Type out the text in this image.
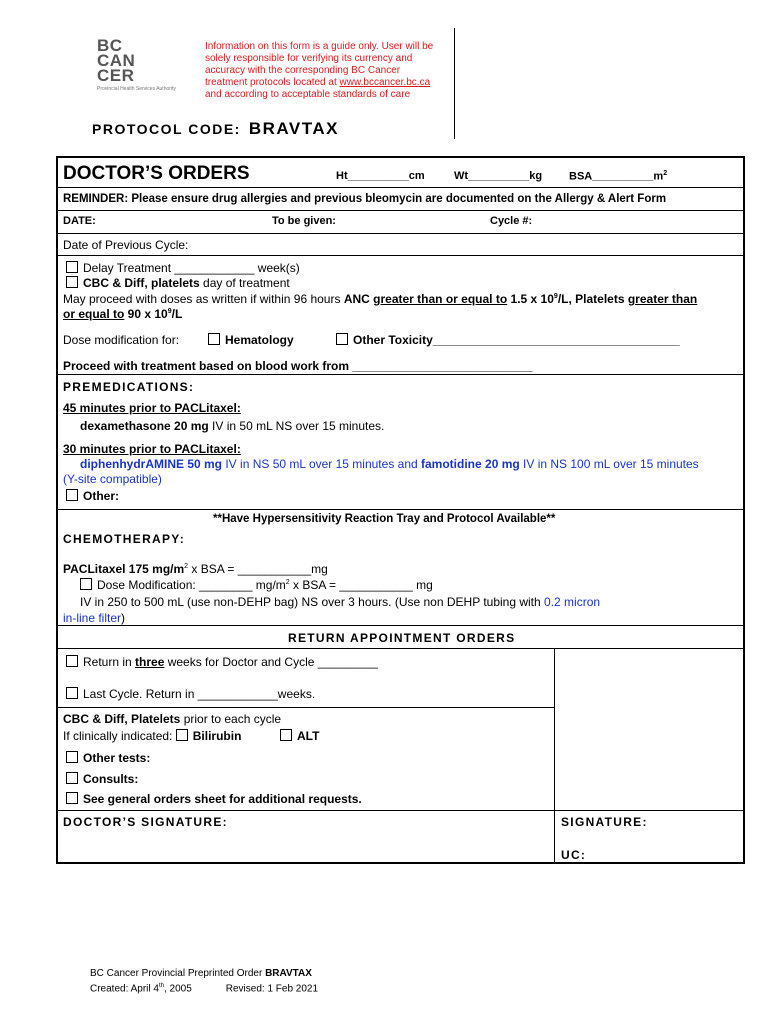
BC
CAN
CER
Provincial Health Services Authority
Information on this form is a guide only. User will be solely responsible for verifying its currency and accuracy with the corresponding BC Cancer treatment protocols located at www.bccancer.bc.ca and according to acceptable standards of care
PROTOCOL CODE: BRAVTAX
DOCTOR’S ORDERS	Ht__________cm	Wt__________kg $BSA\_\_\_\_\_\_\_\_\_\_m^2$
REMINDER: Please ensure drug allergies and previous bleomycin are documented on the Allergy & Alert Form
DATE:	To be given:	Cycle #:
Date of Previous Cycle:
Delay Treatment ____________ week(s)
CBC & Diff, platelets day of treatment
May proceed with doses as written if within 96 hours ANC greater than or equal to 1.5 x $10^9/L$, Platelets greater than
or equal to 90 x $10^9/L$
Dose modification for:	Hematology	Other Toxicity_____________________________________
Proceed with treatment based on blood work from ___________________________
PREMEDICATIONS:
45 minutes prior to PACLitaxel:
dexamethasone 20 mg IV in 50 mL NS over 15 minutes.
30 minutes prior to PACLitaxel:
diphenhydrAMINE 50 mg IV in NS 50 mL over 15 minutes and famotidine 20 mg IV in NS 100 mL over 15 minutes
(Y-site compatible)
Other:
**Have Hypersensitivity Reaction Tray and Protocol Available**
CHEMOTHERAPY:
PACLitaxel 175 $mg/m^2$ x BSA = ___________mg
Dose Modification: ________ $mg/m^2$ x BSA = ___________ mg
IV in 250 to 500 mL (use non-DEHP bag) NS over 3 hours. (Use non DEHP tubing with 0.2 micron
in-line filter)
RETURN APPOINTMENT ORDERS
Return in three weeks for Doctor and Cycle _________
Last Cycle. Return in ____________weeks.
CBC & Diff, Platelets prior to each cycle
If clinically indicated: Bilirubin	ALT
Other tests:
Consults:
See general orders sheet for additional requests.
DOCTOR’S SIGNATURE:	SIGNATURE:
UC:
BC Cancer Provincial Preprinted Order BRAVTAX
Created: April 4th, 2005	Revised: 1 Feb 2021
